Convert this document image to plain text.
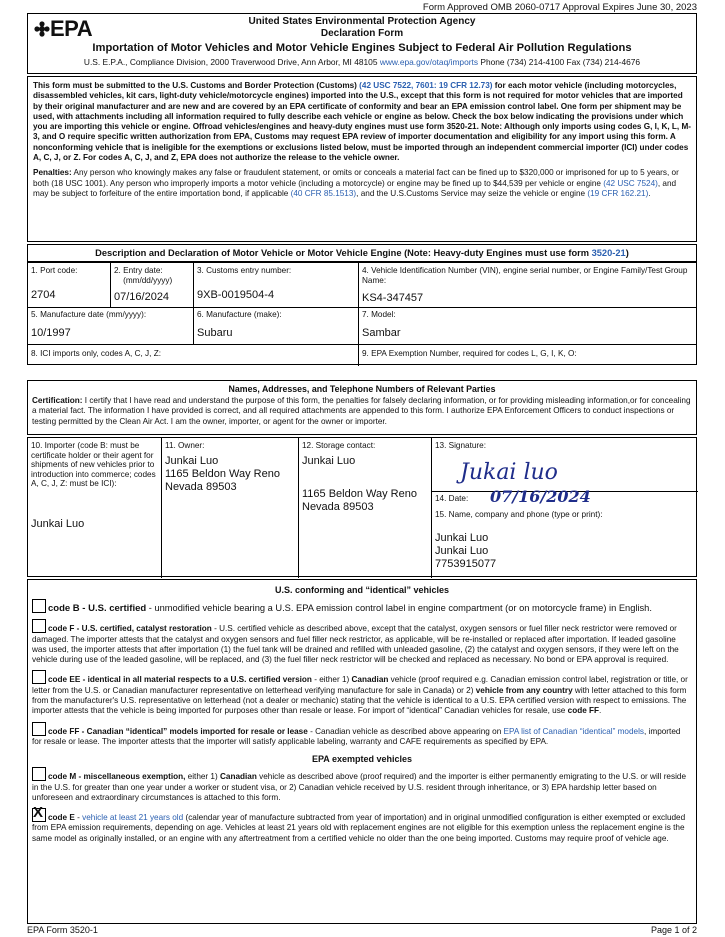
Form Approved OMB 2060-0717 Approval Expires June 30, 2023
EPA	United States Environmental Protection Agency
Declaration Form
Importation of Motor Vehicles and Motor Vehicle Engines Subject to Federal Air Pollution Regulations
U.S. E.P.A., Compliance Division, 2000 Traverwood Drive, Ann Arbor, MI 48105 www.epa.gov/otaq/imports Phone (734) 214-4100 Fax (734) 214-4676
This form must be submitted to the U.S. Customs and Border Protection (Customs) (42 USC 7522, 7601: 19 CFR 12.73) for each motor vehicle (including motorcycles, disassembled vehicles, kit cars, light-duty vehicle/motorcycle engines) imported into the U.S., except that this form is not required for motor vehicles that are imported by their original manufacturer and are new and are covered by an EPA certificate of conformity and bear an EPA emission control label. One form per shipment may be used, with attachments including all information required to fully describe each vehicle or engine as below. Check the box below indicating the provisions under which you are importing this vehicle or engine. Offroad vehicles/engines and heavy-duty engines must use form 3520-21. Note: Although only imports using codes G, I, K, L, M-3, and O require specific written authorization from EPA, Customs may request EPA review of importer documentation and eligibility for any import using this form. A nonconforming vehicle that is ineligible for the exemptions or exclusions listed below, must be imported through an independent commercial importer (ICI) under codes A, C, J, or Z. For codes A, C, J, and Z, EPA does not authorize the release to the vehicle owner.
Penalties: Any person who knowingly makes any false or fraudulent statement, or omits or conceals a material fact can be fined up to $320,000 or imprisoned for up to 5 years, or both (18 USC 1001). Any person who improperly imports a motor vehicle (including a motorcycle) or engine may be fined up to $44,539 per vehicle or engine (42 USC 7524), and may be subject to forfeiture of the entire importation bond, if applicable (40 CFR 85.1513), and the U.S.Customs Service may seize the vehicle or engine (19 CFR 162.21).
Description and Declaration of Motor Vehicle or Motor Vehicle Engine (Note: Heavy-duty Engines must use form 3520-21)
1. Port code:
2704
2. Entry date:
(mm/dd/yyyy)
07/16/2024
3. Customs entry number:
9XB-0019504-4
4. Vehicle Identification Number (VIN), engine serial number, or Engine Family/Test Group Name:
KS4-347457
5. Manufacture date (mm/yyyy):
10/1997
6. Manufacture (make):
Subaru
7. Model:
Sambar
8. ICI imports only, codes A, C, J, Z:	9. EPA Exemption Number, required for codes L, G, I, K, O:
Names, Addresses, and Telephone Numbers of Relevant Parties
Certification: I certify that I have read and understand the purpose of this form, the penalties for falsely declaring information, or for providing misleading information,or for concealing a material fact. The information I have provided is correct, and all required attachments are appended to this form. I authorize EPA Enforcement Officers to conduct inspections or testing permitted by the Clean Air Act. I am the owner, importer, or agent for the owner or importer.
10. Importer (code B: must be certificate holder or their agent for shipments of new vehicles prior to introduction into commerce; codes A, C, J, Z: must be ICI):
Junkai Luo
11. Owner:
Junkai Luo
1165 Beldon Way Reno
Nevada 89503
12. Storage contact:
Junkai Luo
1165 Beldon Way Reno
Nevada 89503
13. Signature:
Jukai luo
14. Date: 07/16/2024
15. Name, company and phone (type or print):
Junkai Luo
Junkai Luo
7753915077
U.S. conforming and “identical” vehicles
code B - U.S. certified - unmodified vehicle bearing a U.S. EPA emission control label in engine compartment (or on motorcycle frame) in English.
code F - U.S. certified, catalyst restoration - U.S. certified vehicle as described above, except that the catalyst, oxygen sensors or fuel filler neck restrictor were removed or damaged. The importer attests that the catalyst and oxygen sensors and fuel filler neck restrictor, as applicable, will be re-installed or replaced after importation. If leaded gasoline was used, the importer attests that after importation (1) the fuel tank will be drained and refilled with unleaded gasoline, (2) the catalyst and oxygen sensors, if they were left on the vehicle during use of the leaded gasoline, will be replaced, and (3) the fuel filler neck restrictor will be checked and replaced as necessary. No bond or EPA approval is required.
code EE - identical in all material respects to a U.S. certified version - either 1) Canadian vehicle (proof required e.g. Canadian emission control label, registration or title, or letter from the U.S. or Canadian manufacturer representative on letterhead verifying manufacture for sale in Canada) or 2) vehicle from any country with letter attached to this form from the manufacturer's U.S. representative on letterhead (not a dealer or mechanic) stating that the vehicle is identical to a U.S. EPA certified version with respect to emissions. The importer attests that the vehicle is being imported for purposes other than resale or lease. For import of “identical” Canadian vehicles for resale, use code FF.
code FF - Canadian “identical” models imported for resale or lease - Canadian vehicle as described above appearing on EPA list of Canadian “identical” models, imported for resale or lease. The importer attests that the importer will satisfy applicable labeling, warranty and CAFE requirements as specified by EPA.
EPA exempted vehicles
code M - miscellaneous exemption, either 1) Canadian vehicle as described above (proof required) and the importer is either permanently emigrating to the U.S. or will reside in the U.S. for greater than one year under a worker or student visa, or 2) Canadian vehicle received by U.S. resident through inheritance, or 3) EPA hardship letter based on unforeseen and extraordinary circumstances is attached to this form.
X code E - vehicle at least 21 years old (calendar year of manufacture subtracted from year of importation) and in original unmodified configuration is either exempted or excluded from EPA emission requirements, depending on age. Vehicles at least 21 years old with replacement engines are not eligible for this exemption unless the replacement engine is the same model as originally installed, or an engine with any aftertreatment from a certified vehicle no older than the one being imported. Customs may require proof of vehicle age.
EPA Form 3520-1	Page 1 of 2
